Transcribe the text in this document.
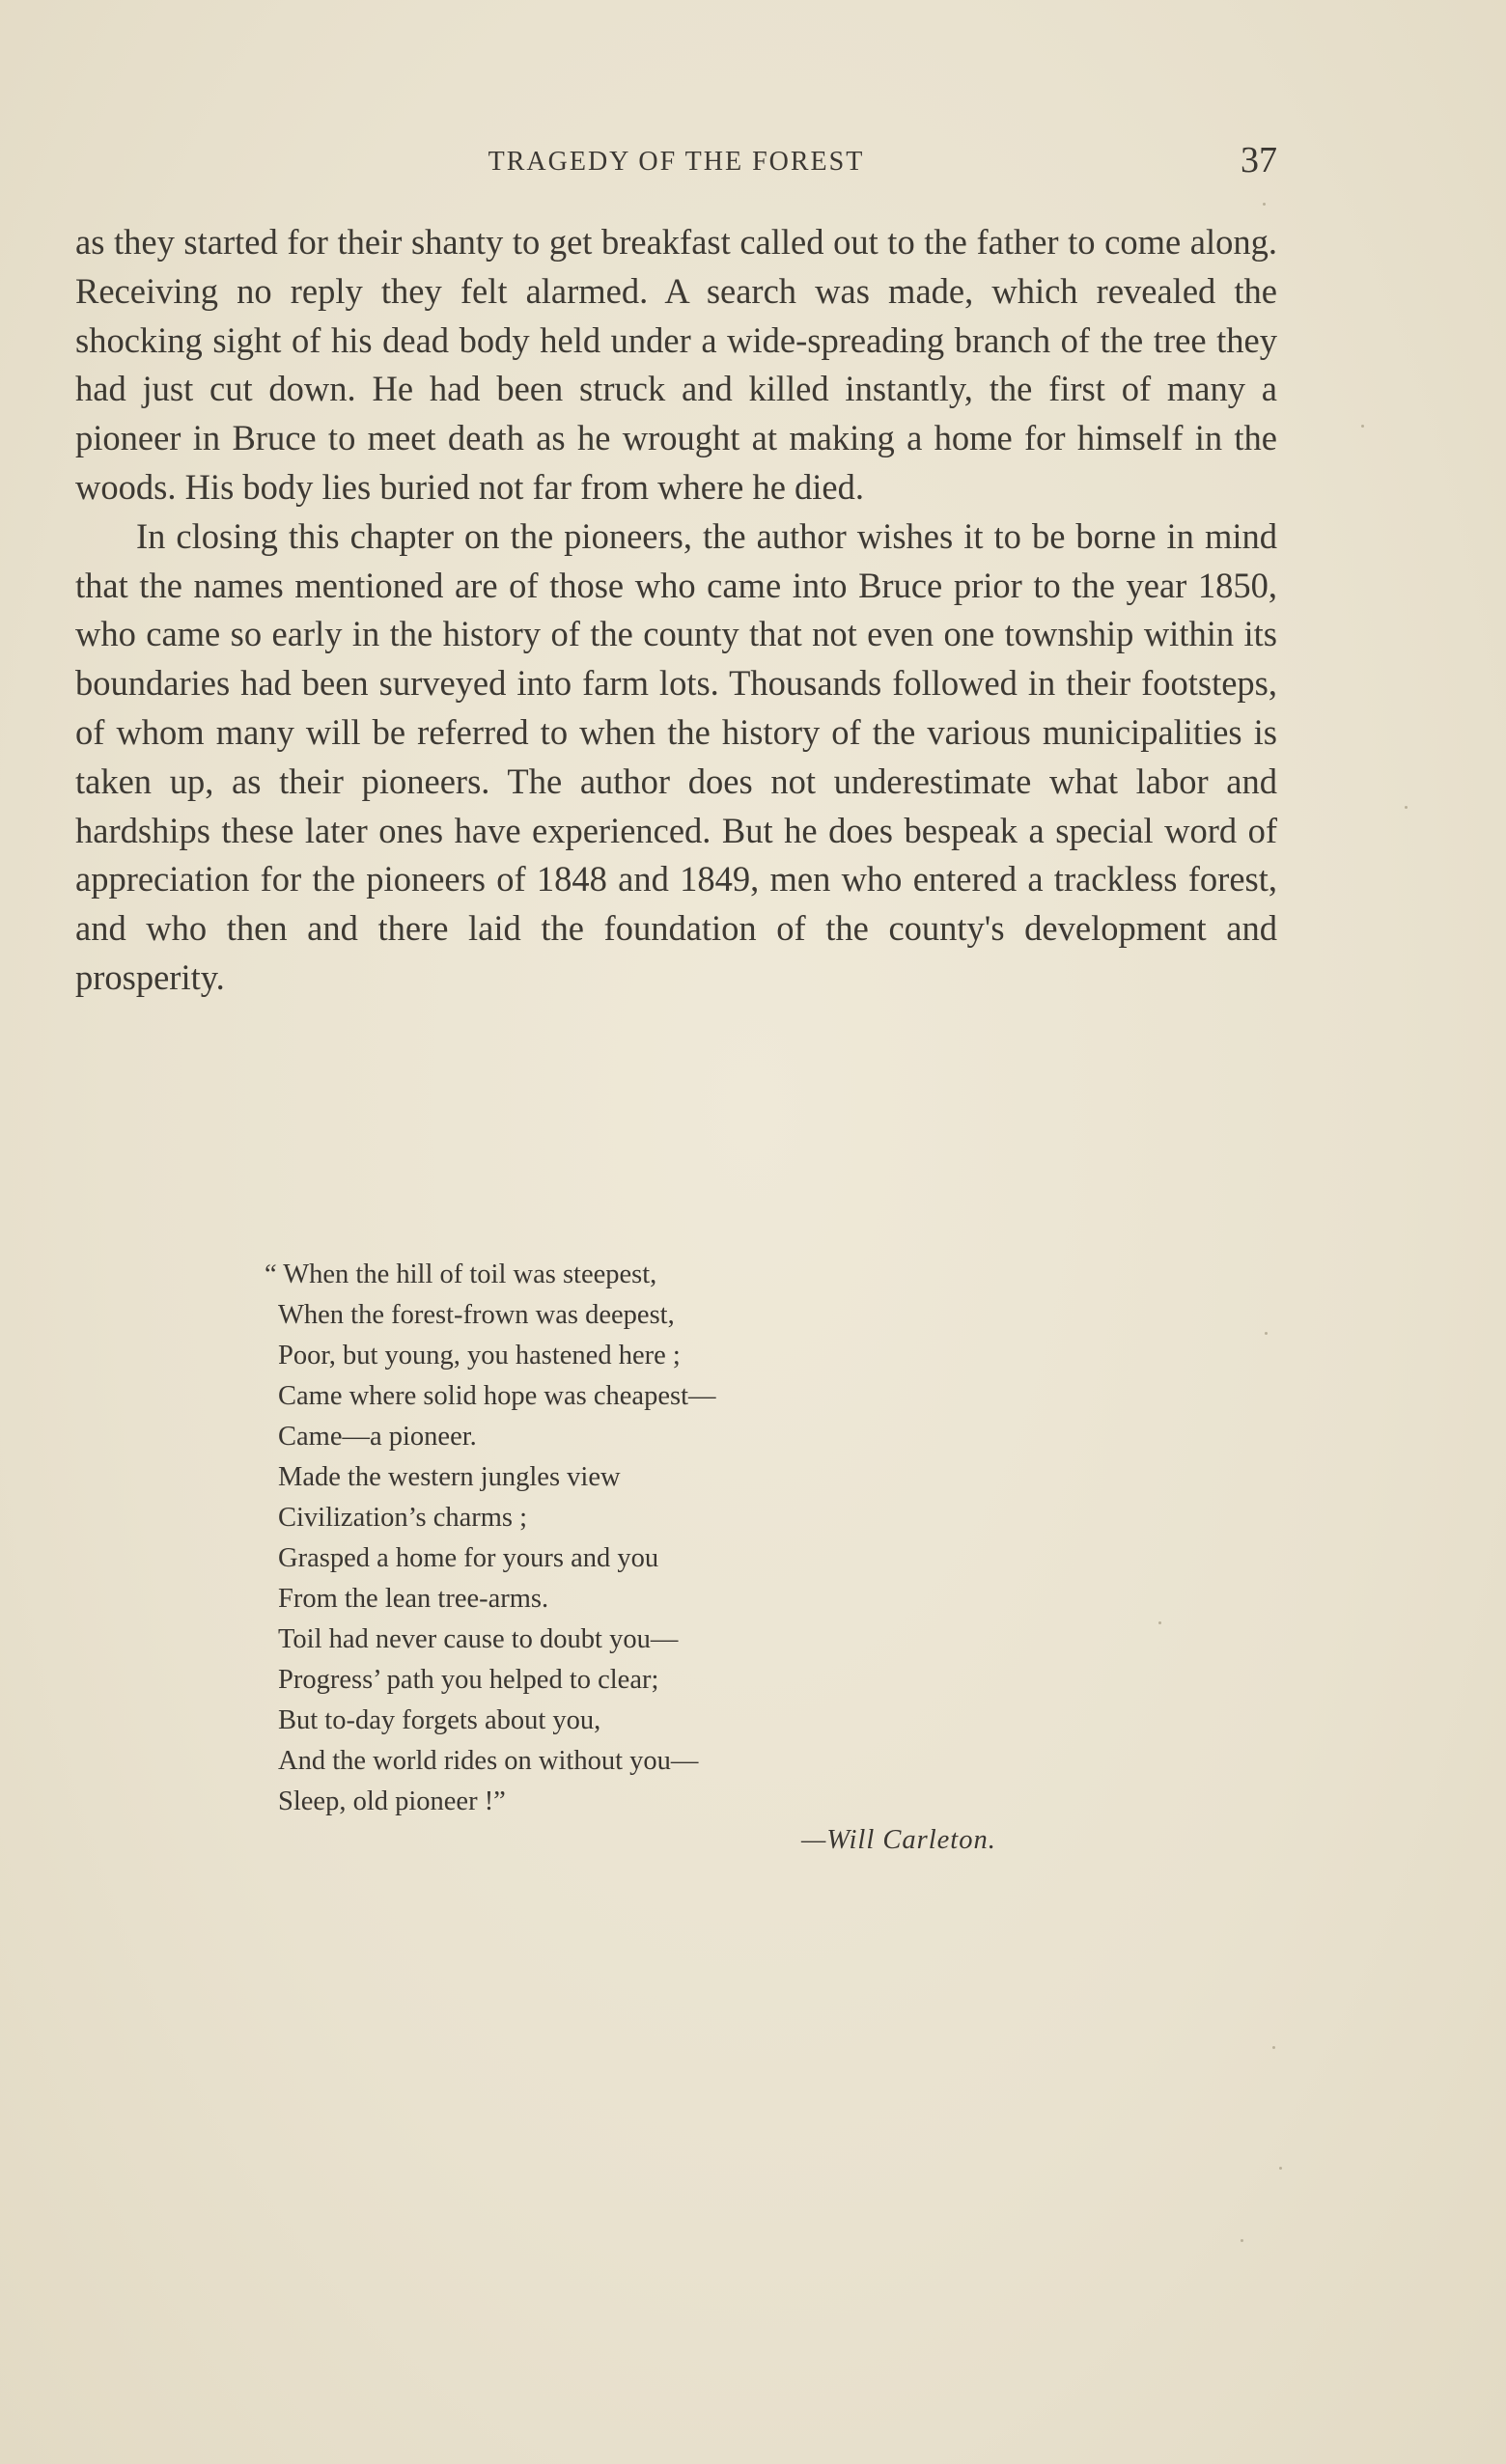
TRAGEDY OF THE FOREST	37

as they started for their shanty to get breakfast called out to the father to come along. Receiving no reply they felt alarmed. A search was made, which revealed the shocking sight of his dead body held under a wide-spreading branch of the tree they had just cut down. He had been struck and killed instantly, the first of many a pioneer in Bruce to meet death as he wrought at making a home for himself in the woods. His body lies buried not far from where he died.

In closing this chapter on the pioneers, the author wishes it to be borne in mind that the names mentioned are of those who came into Bruce prior to the year 1850, who came so early in the history of the county that not even one township within its boundaries had been surveyed into farm lots. Thousands followed in their footsteps, of whom many will be referred to when the history of the various municipalities is taken up, as their pioneers. The author does not underestimate what labor and hardships these later ones have experienced. But he does bespeak a special word of appreciation for the pioneers of 1848 and 1849, men who entered a trackless forest, and who then and there laid the foundation of the county's development and prosperity.

“ When the hill of toil was steepest,
When the forest-frown was deepest,
Poor, but young, you hastened here ;
Came where solid hope was cheapest—
Came—a pioneer.
Made the western jungles view
Civilization’s charms ;
Grasped a home for yours and you
From the lean tree-arms.
Toil had never cause to doubt you—
Progress’ path you helped to clear;
But to-day forgets about you,
And the world rides on without you—
Sleep, old pioneer !”
—Will Carleton.
